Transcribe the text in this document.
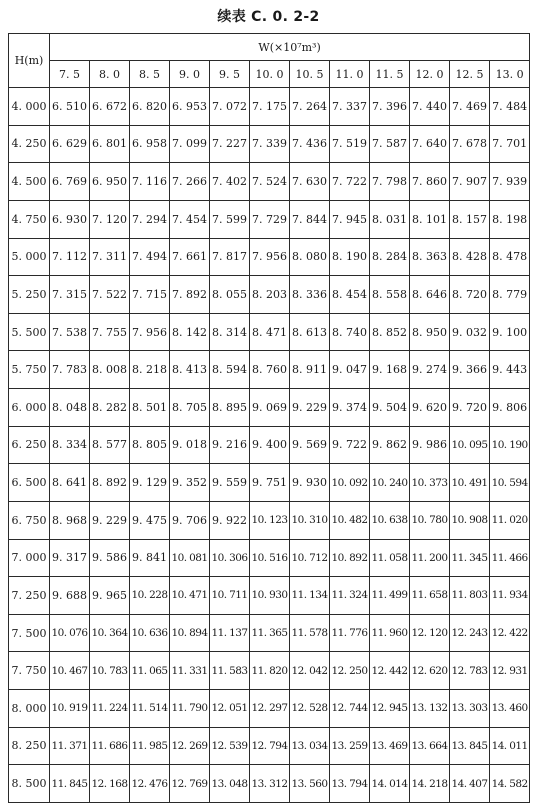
续表 C. 0. 2-2
H(m)	W(×10⁷m³)											
	7. 5	8. 0	8. 5	9. 0	9. 5	10. 0	10. 5	11. 0	11. 5	12. 0	12. 5	13. 0
4. 000	6. 510	6. 672	6. 820	6. 953	7. 072	7. 175	7. 264	7. 337	7. 396	7. 440	7. 469	7. 484
4. 250	6. 629	6. 801	6. 958	7. 099	7. 227	7. 339	7. 436	7. 519	7. 587	7. 640	7. 678	7. 701
4. 500	6. 769	6. 950	7. 116	7. 266	7. 402	7. 524	7. 630	7. 722	7. 798	7. 860	7. 907	7. 939
4. 750	6. 930	7. 120	7. 294	7. 454	7. 599	7. 729	7. 844	7. 945	8. 031	8. 101	8. 157	8. 198
5. 000	7. 112	7. 311	7. 494	7. 661	7. 817	7. 956	8. 080	8. 190	8. 284	8. 363	8. 428	8. 478
5. 250	7. 315	7. 522	7. 715	7. 892	8. 055	8. 203	8. 336	8. 454	8. 558	8. 646	8. 720	8. 779
5. 500	7. 538	7. 755	7. 956	8. 142	8. 314	8. 471	8. 613	8. 740	8. 852	8. 950	9. 032	9. 100
5. 750	7. 783	8. 008	8. 218	8. 413	8. 594	8. 760	8. 911	9. 047	9. 168	9. 274	9. 366	9. 443
6. 000	8. 048	8. 282	8. 501	8. 705	8. 895	9. 069	9. 229	9. 374	9. 504	9. 620	9. 720	9. 806
6. 250	8. 334	8. 577	8. 805	9. 018	9. 216	9. 400	9. 569	9. 722	9. 862	9. 986	10. 095	10. 190
6. 500	8. 641	8. 892	9. 129	9. 352	9. 559	9. 751	9. 930	10. 092	10. 240	10. 373	10. 491	10. 594
6. 750	8. 968	9. 229	9. 475	9. 706	9. 922	10. 123	10. 310	10. 482	10. 638	10. 780	10. 908	11. 020
7. 000	9. 317	9. 586	9. 841	10. 081	10. 306	10. 516	10. 712	10. 892	11. 058	11. 200	11. 345	11. 466
7. 250	9. 688	9. 965	10. 228	10. 471	10. 711	10. 930	11. 134	11. 324	11. 499	11. 658	11. 803	11. 934
7. 500	10. 076	10. 364	10. 636	10. 894	11. 137	11. 365	11. 578	11. 776	11. 960	12. 120	12. 243	12. 422
7. 750	10. 467	10. 783	11. 065	11. 331	11. 583	11. 820	12. 042	12. 250	12. 442	12. 620	12. 783	12. 931
8. 000	10. 919	11. 224	11. 514	11. 790	12. 051	12. 297	12. 528	12. 744	12. 945	13. 132	13. 303	13. 460
8. 250	11. 371	11. 686	11. 985	12. 269	12. 539	12. 794	13. 034	13. 259	13. 469	13. 664	13. 845	14. 011
8. 500	11. 845	12. 168	12. 476	12. 769	13. 048	13. 312	13. 560	13. 794	14. 014	14. 218	14. 407	14. 582
